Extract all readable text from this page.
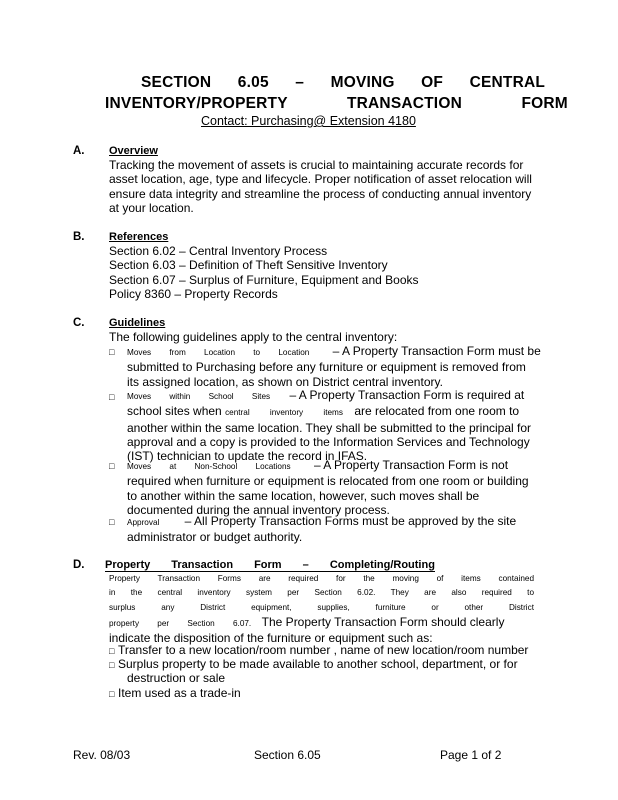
SECTION 6.05 – MOVING OF CENTRAL
INVENTORY/PROPERTY TRANSACTION FORM
Contact: Purchasing@ Extension 4180
A. Overview
Tracking the movement of assets is crucial to maintaining accurate records for
asset location, age, type and lifecycle. Proper notification of asset relocation will
ensure data integrity and streamline the process of conducting annual inventory
at your location.
B. References
Section 6.02 – Central Inventory Process
Section 6.03 – Definition of Theft Sensitive Inventory
Section 6.07 – Surplus of Furniture, Equipment and Books
Policy 8360 – Property Records
C. Guidelines
The following guidelines apply to the central inventory:
□ Moves from Location to Location – A Property Transaction Form must be
submitted to Purchasing before any furniture or equipment is removed from
its assigned location, as shown on District central inventory.
□ Moves within School Sites – A Property Transaction Form is required at
school sites when central inventory items are relocated from one room to
another within the same location. They shall be submitted to the principal for
approval and a copy is provided to the Information Services and Technology
(IST) technician to update the record in IFAS.
□ Moves at Non-School Locations – A Property Transaction Form is not
required when furniture or equipment is relocated from one room or building
to another within the same location, however, such moves shall be
documented during the annual inventory process.
□ Approval – All Property Transaction Forms must be approved by the site
administrator or budget authority.
D. Property Transaction Form – Completing/Routing
Property Transaction Forms are required for the moving of items contained
in the central inventory system per Section 6.02. They are also required to
surplus any District equipment, supplies, furniture or other District
property per Section 6.07. The Property Transaction Form should clearly
indicate the disposition of the furniture or equipment such as:
□ Transfer to a new location/room number , name of new location/room number
□ Surplus property to be made available to another school, department, or for
destruction or sale
□ Item used as a trade-in
Rev. 08/03	Section 6.05	Page 1 of 2
